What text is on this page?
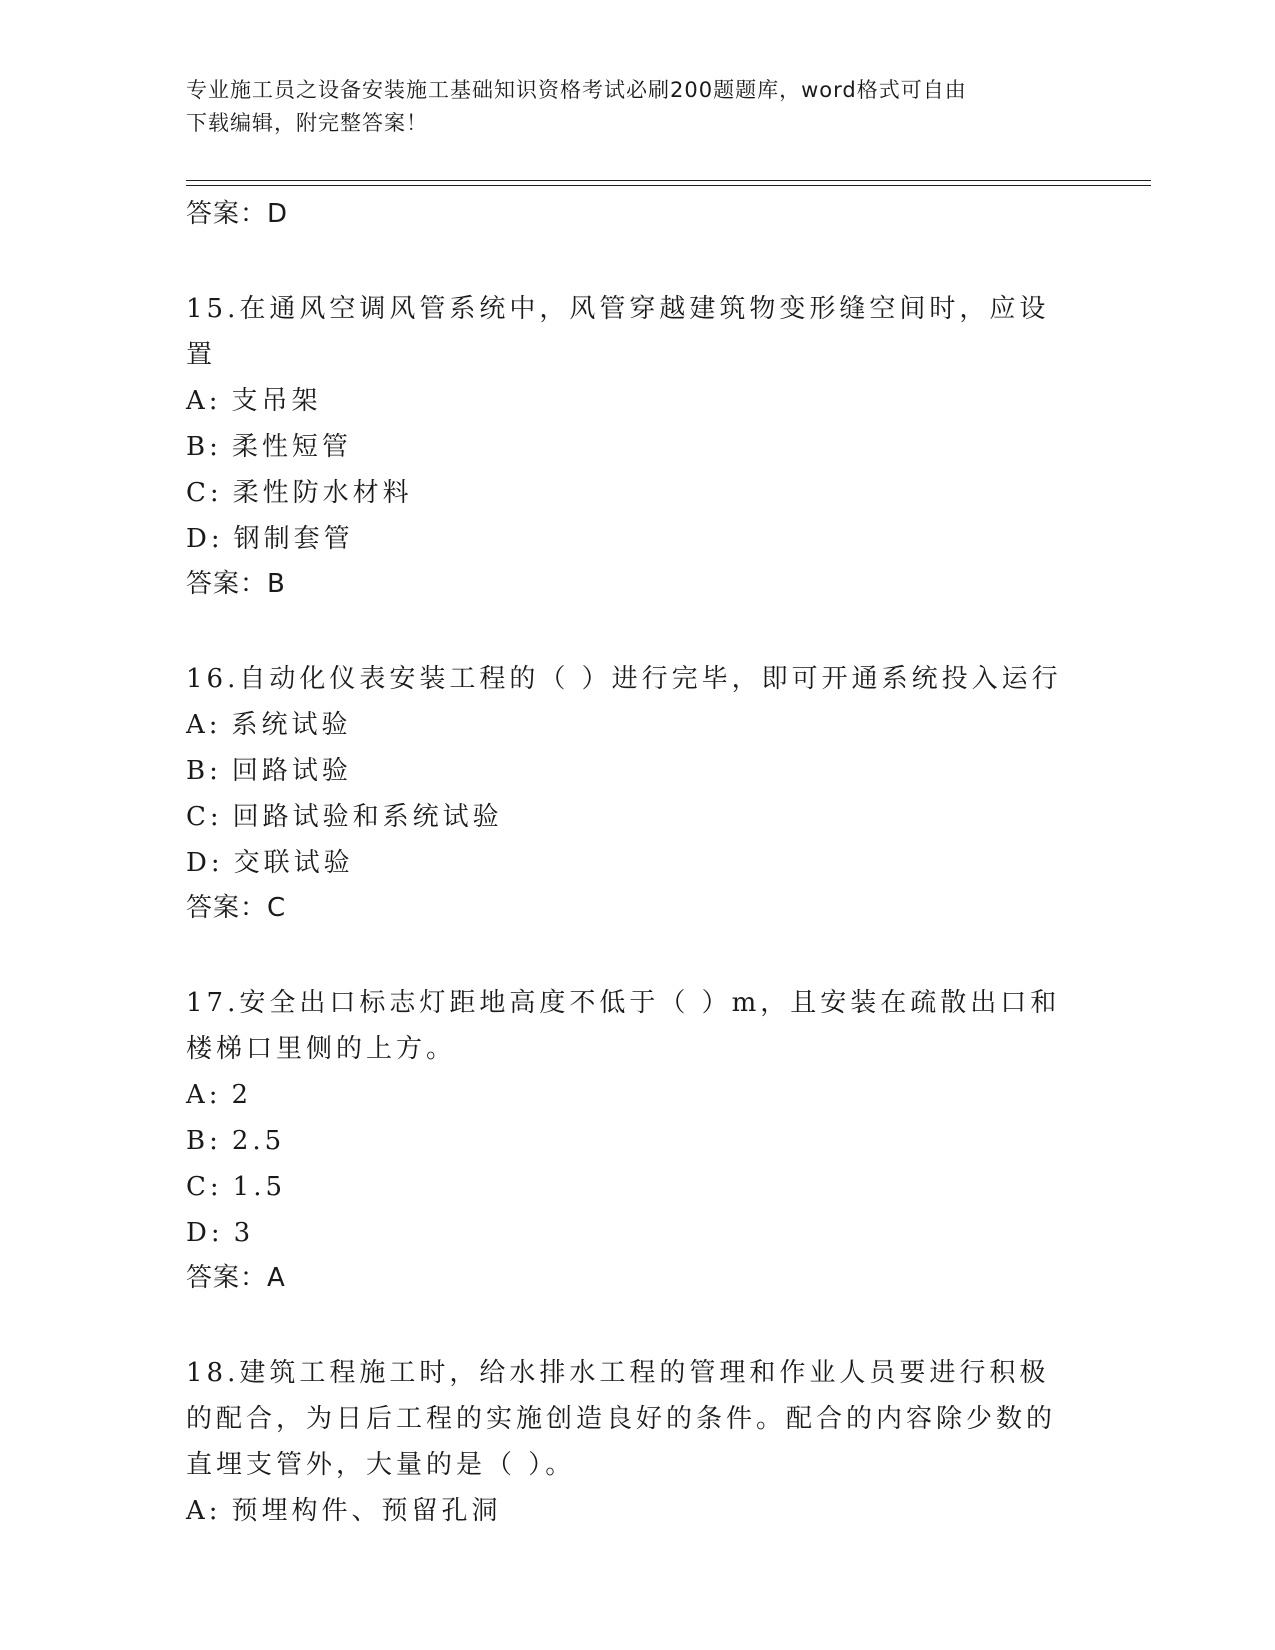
专业施工员之设备安装施工基础知识资格考试必刷200题题库，word格式可自由
下载编辑，附完整答案！
答案：D
15.在通风空调风管系统中，风管穿越建筑物变形缝空间时，应设置
A: 支吊架
B: 柔性短管
C: 柔性防水材料
D: 钢制套管
答案：B
16.自动化仪表安装工程的（ ）进行完毕，即可开通系统投入运行
A: 系统试验
B: 回路试验
C: 回路试验和系统试验
D: 交联试验
答案：C
17.安全出口标志灯距地高度不低于（ ）m，且安装在疏散出口和楼梯口里侧的上方。
A: 2
B: 2.5
C: 1.5
D: 3
答案：A
18.建筑工程施工时，给水排水工程的管理和作业人员要进行积极的配合，为日后工程的实施创造良好的条件。配合的内容除少数的直埋支管外，大量的是（ ）。
A: 预埋构件、预留孔洞
